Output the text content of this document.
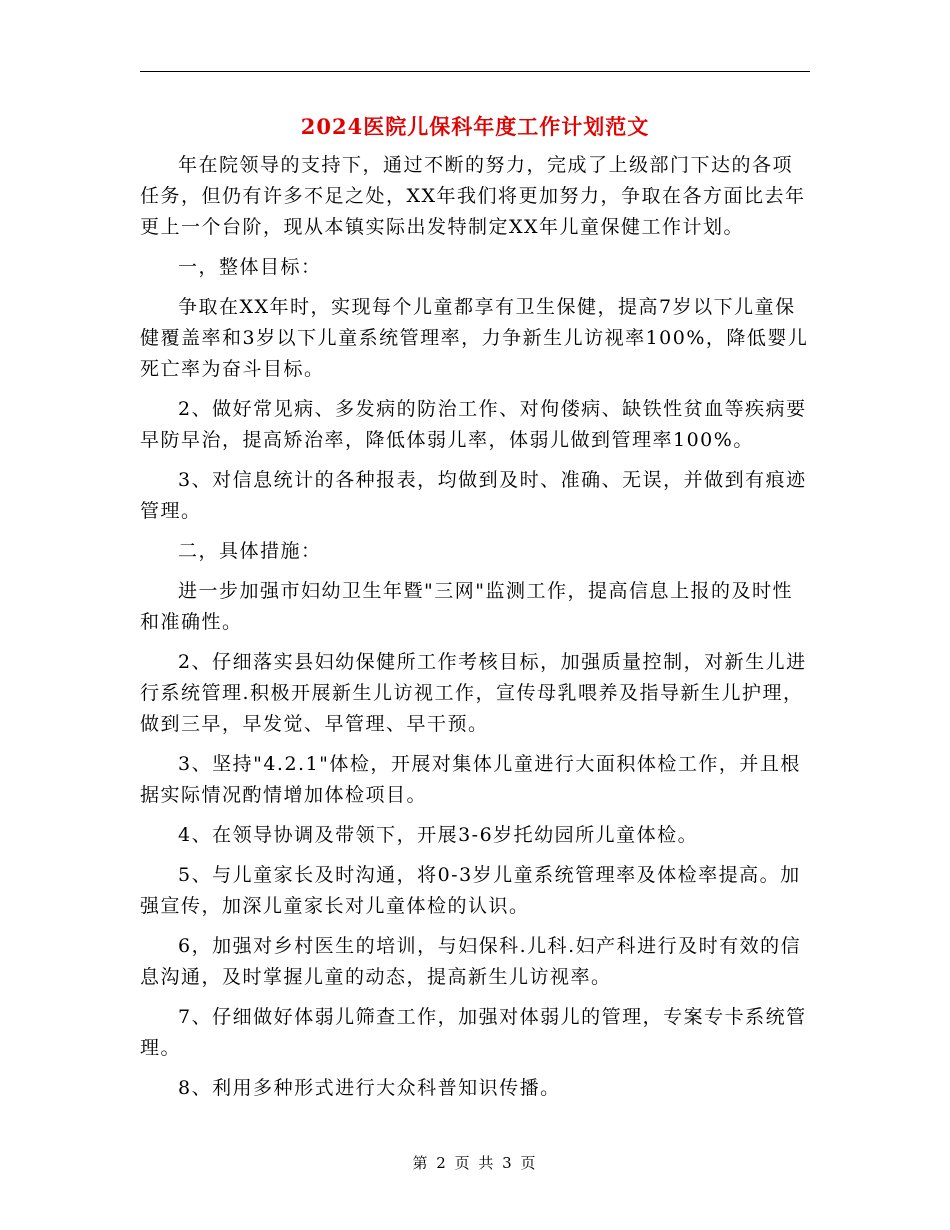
2024医院儿保科年度工作计划范文

年在院领导的支持下，通过不断的努力，完成了上级部门下达的各项任务，但仍有许多不足之处，XX年我们将更加努力，争取在各方面比去年更上一个台阶，现从本镇实际出发特制定XX年儿童保健工作计划。

一，整体目标：

争取在XX年时，实现每个儿童都享有卫生保健，提高7岁以下儿童保健覆盖率和3岁以下儿童系统管理率，力争新生儿访视率100%，降低婴儿死亡率为奋斗目标。

2、做好常见病、多发病的防治工作、对佝偻病、缺铁性贫血等疾病要早防早治，提高矫治率，降低体弱儿率，体弱儿做到管理率100%。

3、对信息统计的各种报表，均做到及时、准确、无误，并做到有痕迹管理。

二，具体措施：

进一步加强市妇幼卫生年暨"三网"监测工作，提高信息上报的及时性和准确性。

2、仔细落实县妇幼保健所工作考核目标，加强质量控制，对新生儿进行系统管理.积极开展新生儿访视工作，宣传母乳喂养及指导新生儿护理，做到三早，早发觉、早管理、早干预。

3、坚持"4.2.1"体检，开展对集体儿童进行大面积体检工作，并且根据实际情况酌情增加体检项目。

4、在领导协调及带领下，开展3-6岁托幼园所儿童体检。

5、与儿童家长及时沟通，将0-3岁儿童系统管理率及体检率提高。加强宣传，加深儿童家长对儿童体检的认识。

6，加强对乡村医生的培训，与妇保科.儿科.妇产科进行及时有效的信息沟通，及时掌握儿童的动态，提高新生儿访视率。

7、仔细做好体弱儿筛查工作，加强对体弱儿的管理，专案专卡系统管理。

8、利用多种形式进行大众科普知识传播。

第 2 页 共 3 页
